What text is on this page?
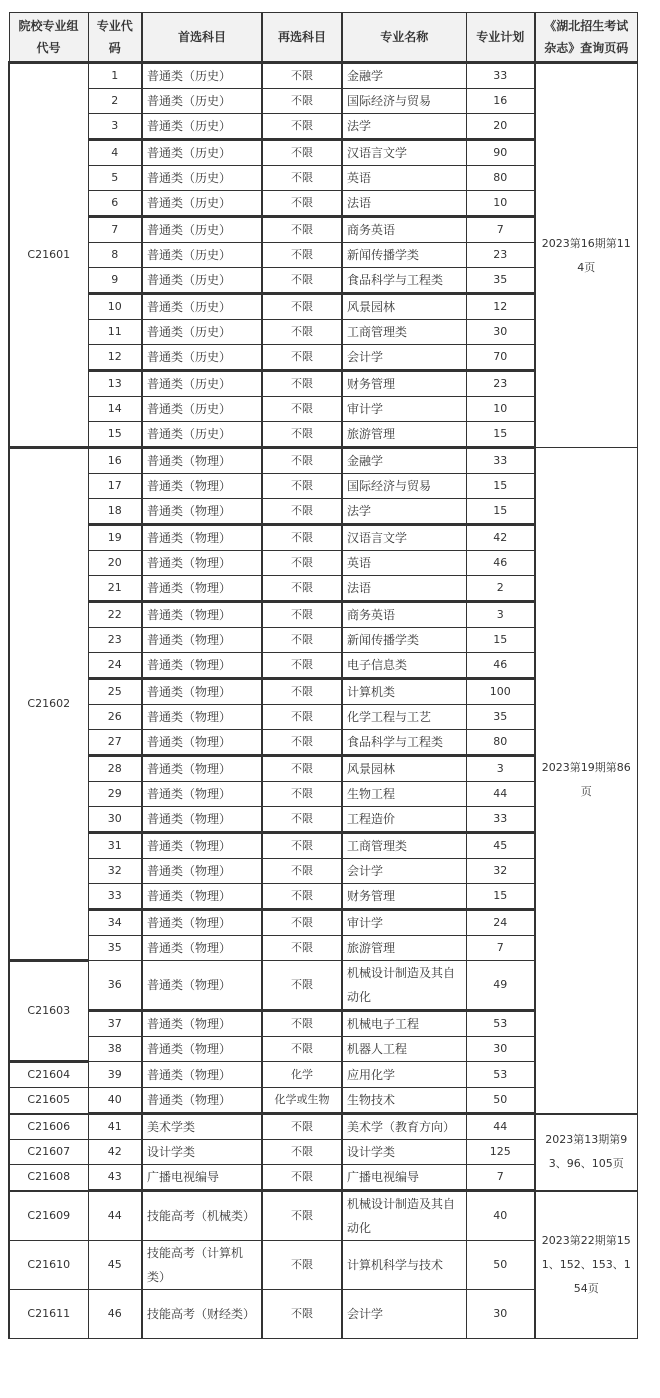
院校专业组代号	专业代码	首选科目	再选科目	专业名称	专业计划	《湖北招生考试杂志》查询页码
C21601	1	普通类（历史）	不限	金融学	33	2023第16期第114页
	2	普通类（历史）	不限	国际经济与贸易	16	
	3	普通类（历史）	不限	法学	20	
	4	普通类（历史）	不限	汉语言文学	90	
	5	普通类（历史）	不限	英语	80	
	6	普通类（历史）	不限	法语	10	
	7	普通类（历史）	不限	商务英语	7	
	8	普通类（历史）	不限	新闻传播学类	23	
	9	普通类（历史）	不限	食品科学与工程类	35	
	10	普通类（历史）	不限	风景园林	12	
	11	普通类（历史）	不限	工商管理类	30	
	12	普通类（历史）	不限	会计学	70	
	13	普通类（历史）	不限	财务管理	23	
	14	普通类（历史）	不限	审计学	10	
	15	普通类（历史）	不限	旅游管理	15	
C21602	16	普通类（物理）	不限	金融学	33	2023第19期第86页
	17	普通类（物理）	不限	国际经济与贸易	15	
	18	普通类（物理）	不限	法学	15	
	19	普通类（物理）	不限	汉语言文学	42	
	20	普通类（物理）	不限	英语	46	
	21	普通类（物理）	不限	法语	2	
	22	普通类（物理）	不限	商务英语	3	
	23	普通类（物理）	不限	新闻传播学类	15	
	24	普通类（物理）	不限	电子信息类	46	
	25	普通类（物理）	不限	计算机类	100	
	26	普通类（物理）	不限	化学工程与工艺	35	
	27	普通类（物理）	不限	食品科学与工程类	80	
	28	普通类（物理）	不限	风景园林	3	
	29	普通类（物理）	不限	生物工程	44	
	30	普通类（物理）	不限	工程造价	33	
	31	普通类（物理）	不限	工商管理类	45	
	32	普通类（物理）	不限	会计学	32	
	33	普通类（物理）	不限	财务管理	15	
	34	普通类（物理）	不限	审计学	24	
	35	普通类（物理）	不限	旅游管理	7	
C21603	36	普通类（物理）	不限	机械设计制造及其自动化	49	
	37	普通类（物理）	不限	机械电子工程	53	
	38	普通类（物理）	不限	机器人工程	30	
C21604	39	普通类（物理）	化学	应用化学	53	
C21605	40	普通类（物理）	化学或生物	生物技术	50	
C21606	41	美术学类	不限	美术学（教育方向）	44	2023第13期第93、96、105页
C21607	42	设计学类	不限	设计学类	125	
C21608	43	广播电视编导	不限	广播电视编导	7	
C21609	44	技能高考（机械类）	不限	机械设计制造及其自动化	40	2023第22期第151、152、153、154页
C21610	45	技能高考（计算机类）	不限	计算机科学与技术	50	
C21611	46	技能高考（财经类）	不限	会计学	30	
